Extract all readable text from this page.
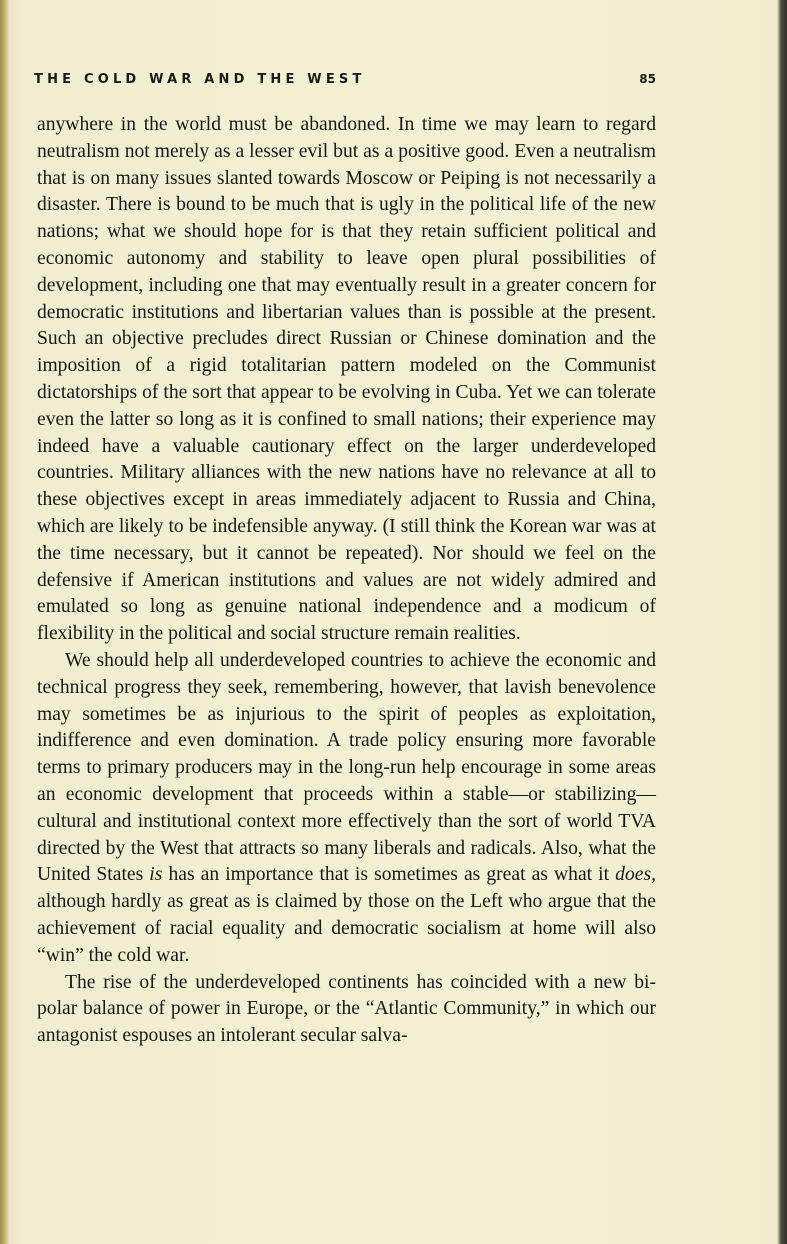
THE COLD WAR AND THE WEST	85

anywhere in the world must be abandoned. In time we may learn to regard neutralism not merely as a lesser evil but as a positive good. Even a neutralism that is on many issues slanted towards Moscow or Peiping is not necessarily a disaster. There is bound to be much that is ugly in the political life of the new nations; what we should hope for is that they retain sufficient political and economic autonomy and stability to leave open plural possibilities of development, including one that may eventually result in a greater concern for democratic institutions and libertarian values than is possible at the present. Such an objective precludes direct Russian or Chinese domination and the imposition of a rigid totalitarian pattern modeled on the Communist dictatorships of the sort that appear to be evolving in Cuba. Yet we can tolerate even the latter so long as it is confined to small nations; their experience may indeed have a valuable cautionary effect on the larger underdeveloped countries. Military alliances with the new nations have no relevance at all to these objectives except in areas immediately adjacent to Russia and China, which are likely to be indefensible anyway. (I still think the Korean war was at the time necessary, but it cannot be repeated). Nor should we feel on the defensive if American institutions and values are not widely admired and emulated so long as genuine national independence and a modicum of flexibility in the political and social structure remain realities.

We should help all underdeveloped countries to achieve the economic and technical progress they seek, remembering, however, that lavish benevolence may sometimes be as injurious to the spirit of peoples as exploitation, indifference and even domination. A trade policy ensuring more favorable terms to primary producers may in the long-run help encourage in some areas an economic development that proceeds within a stable—or stabilizing—cultural and institutional context more effectively than the sort of world TVA directed by the West that attracts so many liberals and radicals. Also, what the United States is has an importance that is sometimes as great as what it does, although hardly as great as is claimed by those on the Left who argue that the achievement of racial equality and democratic socialism at home will also “win” the cold war.

The rise of the underdeveloped continents has coincided with a new bi-polar balance of power in Europe, or the “Atlantic Community,” in which our antagonist espouses an intolerant secular salva-
